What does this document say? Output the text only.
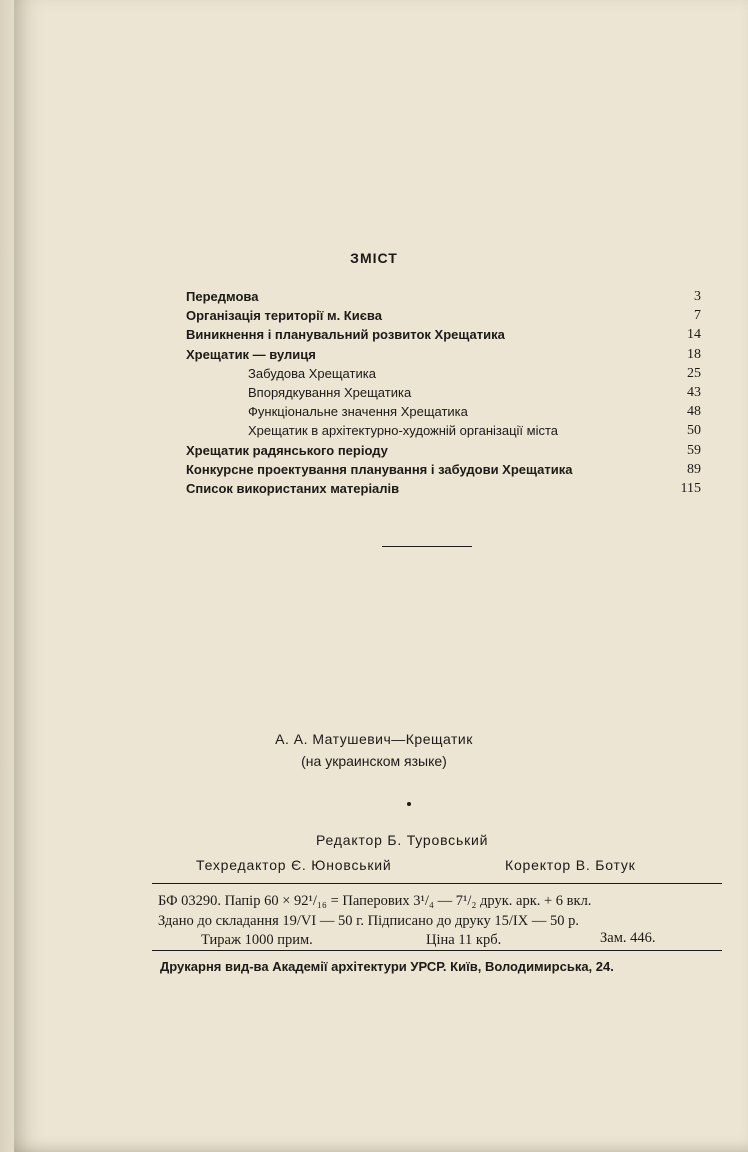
ЗМІСТ
Передмова	3
Організація території м. Києва	7
Виникнення і планувальний розвиток Хрещатика	14
Хрещатик — вулиця	18
Забудова Хрещатика	25
Впорядкування Хрещатика	43
Функціональне значення Хрещатика	48
Хрещатик в архітектурно-художній організації міста	50
Хрещатик радянського періоду	59
Конкурсне проектування планування і забудови Хрещатика	89
Список використаних матеріалів	115
А. А. Матушевич—Крещатик
(на украинском языке)
Редактор Б. Туровський
Техредактор Є. Юновський	Коректор В. Ботук
БФ 03290. Папір 60 × 92¹/₁₆ = Паперових 3¹/₄ — 7¹/₂ друк. арк. + 6 вкл.
Здано до складання 19/VI — 50 г. Підписано до друку 15/IX — 50 р.
Тираж 1000 прим.	Ціна 11 крб.	Зам. 446.
Друкарня вид-ва Академії архітектури УРСР. Київ, Володимирська, 24.
